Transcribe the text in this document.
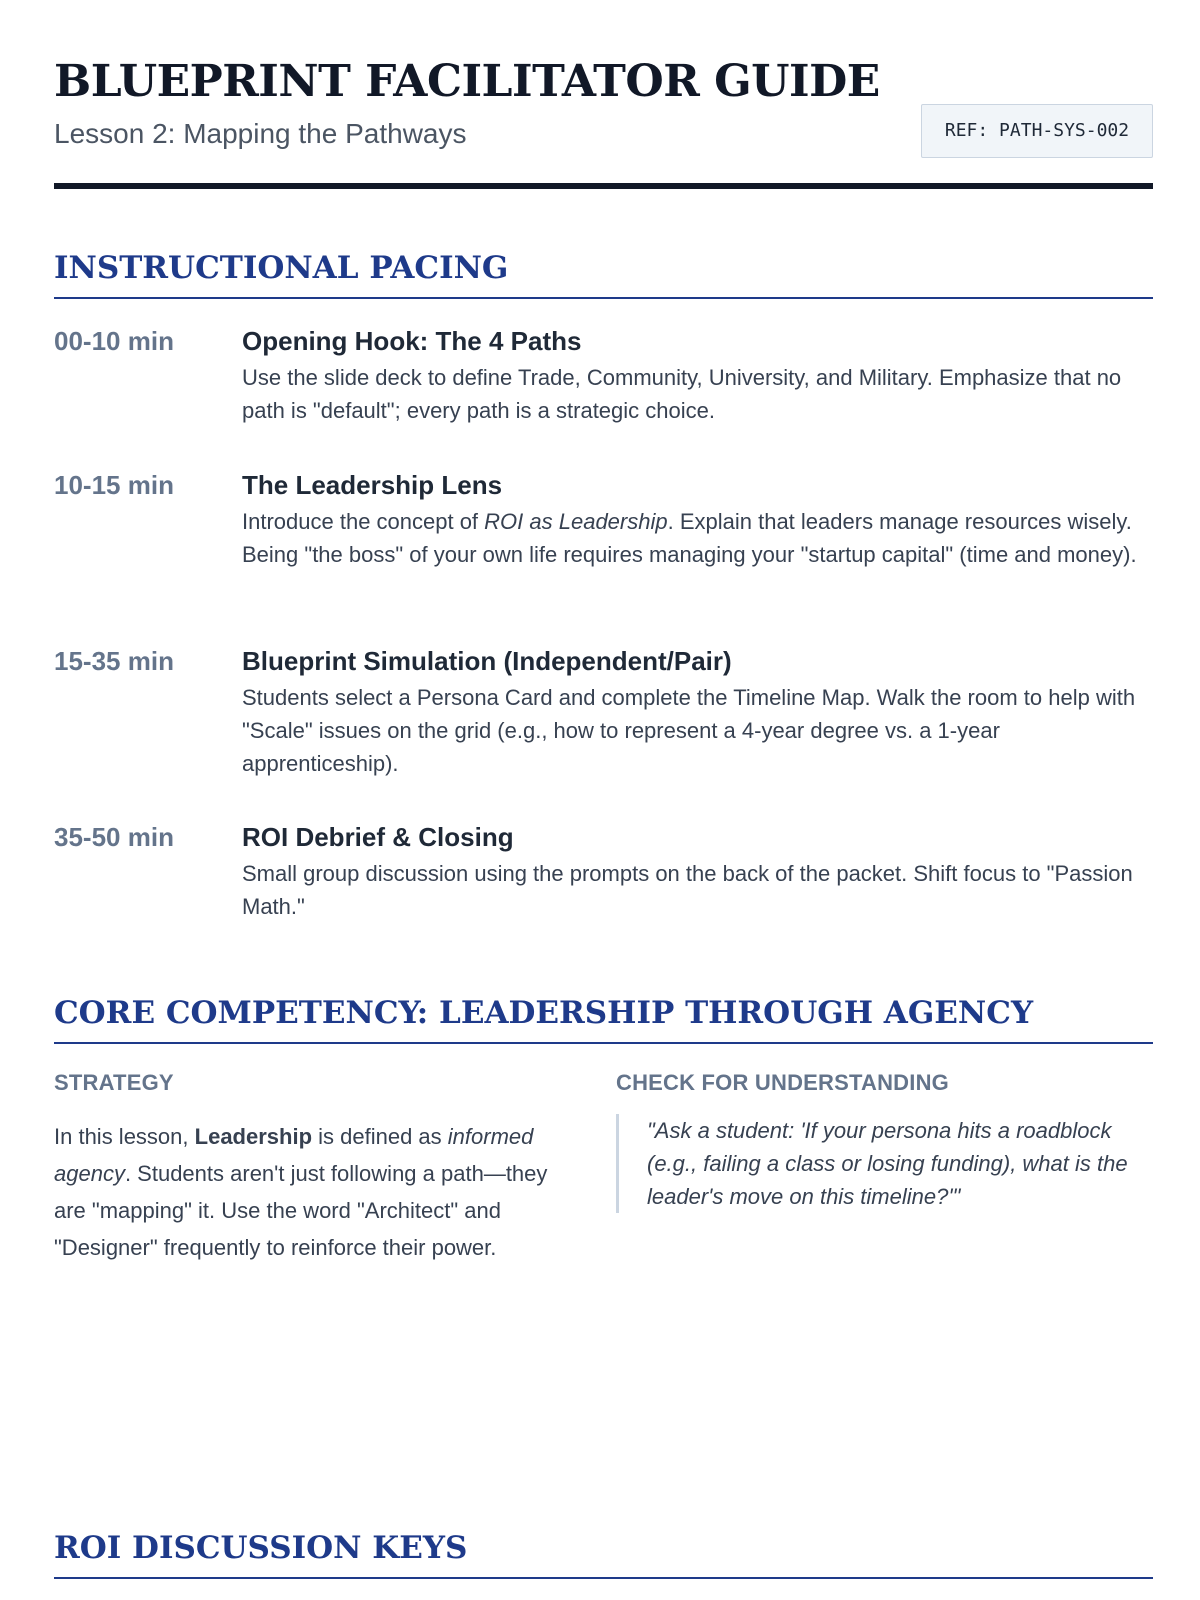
BLUEPRINT FACILITATOR GUIDE
Lesson 2: Mapping the Pathways	REF: PATH-SYS-002
INSTRUCTIONAL PACING
00-10 min	Opening Hook: The 4 Paths
Use the slide deck to define Trade, Community, University, and Military. Emphasize that no path is "default"; every path is a strategic choice.
10-15 min	The Leadership Lens
Introduce the concept of ROI as Leadership. Explain that leaders manage resources wisely. Being "the boss" of your own life requires managing your "startup capital" (time and money).
15-35 min	Blueprint Simulation (Independent/Pair)
Students select a Persona Card and complete the Timeline Map. Walk the room to help with "Scale" issues on the grid (e.g., how to represent a 4-year degree vs. a 1-year apprenticeship).
35-50 min	ROI Debrief & Closing
Small group discussion using the prompts on the back of the packet. Shift focus to "Passion Math."
CORE COMPETENCY: LEADERSHIP THROUGH AGENCY
STRATEGY
In this lesson, Leadership is defined as informed agency. Students aren't just following a path—they are "mapping" it. Use the word "Architect" and "Designer" frequently to reinforce their power.
CHECK FOR UNDERSTANDING
"Ask a student: 'If your persona hits a roadblock (e.g., failing a class or losing funding), what is the leader's move on this timeline?'"
ROI DISCUSSION KEYS
